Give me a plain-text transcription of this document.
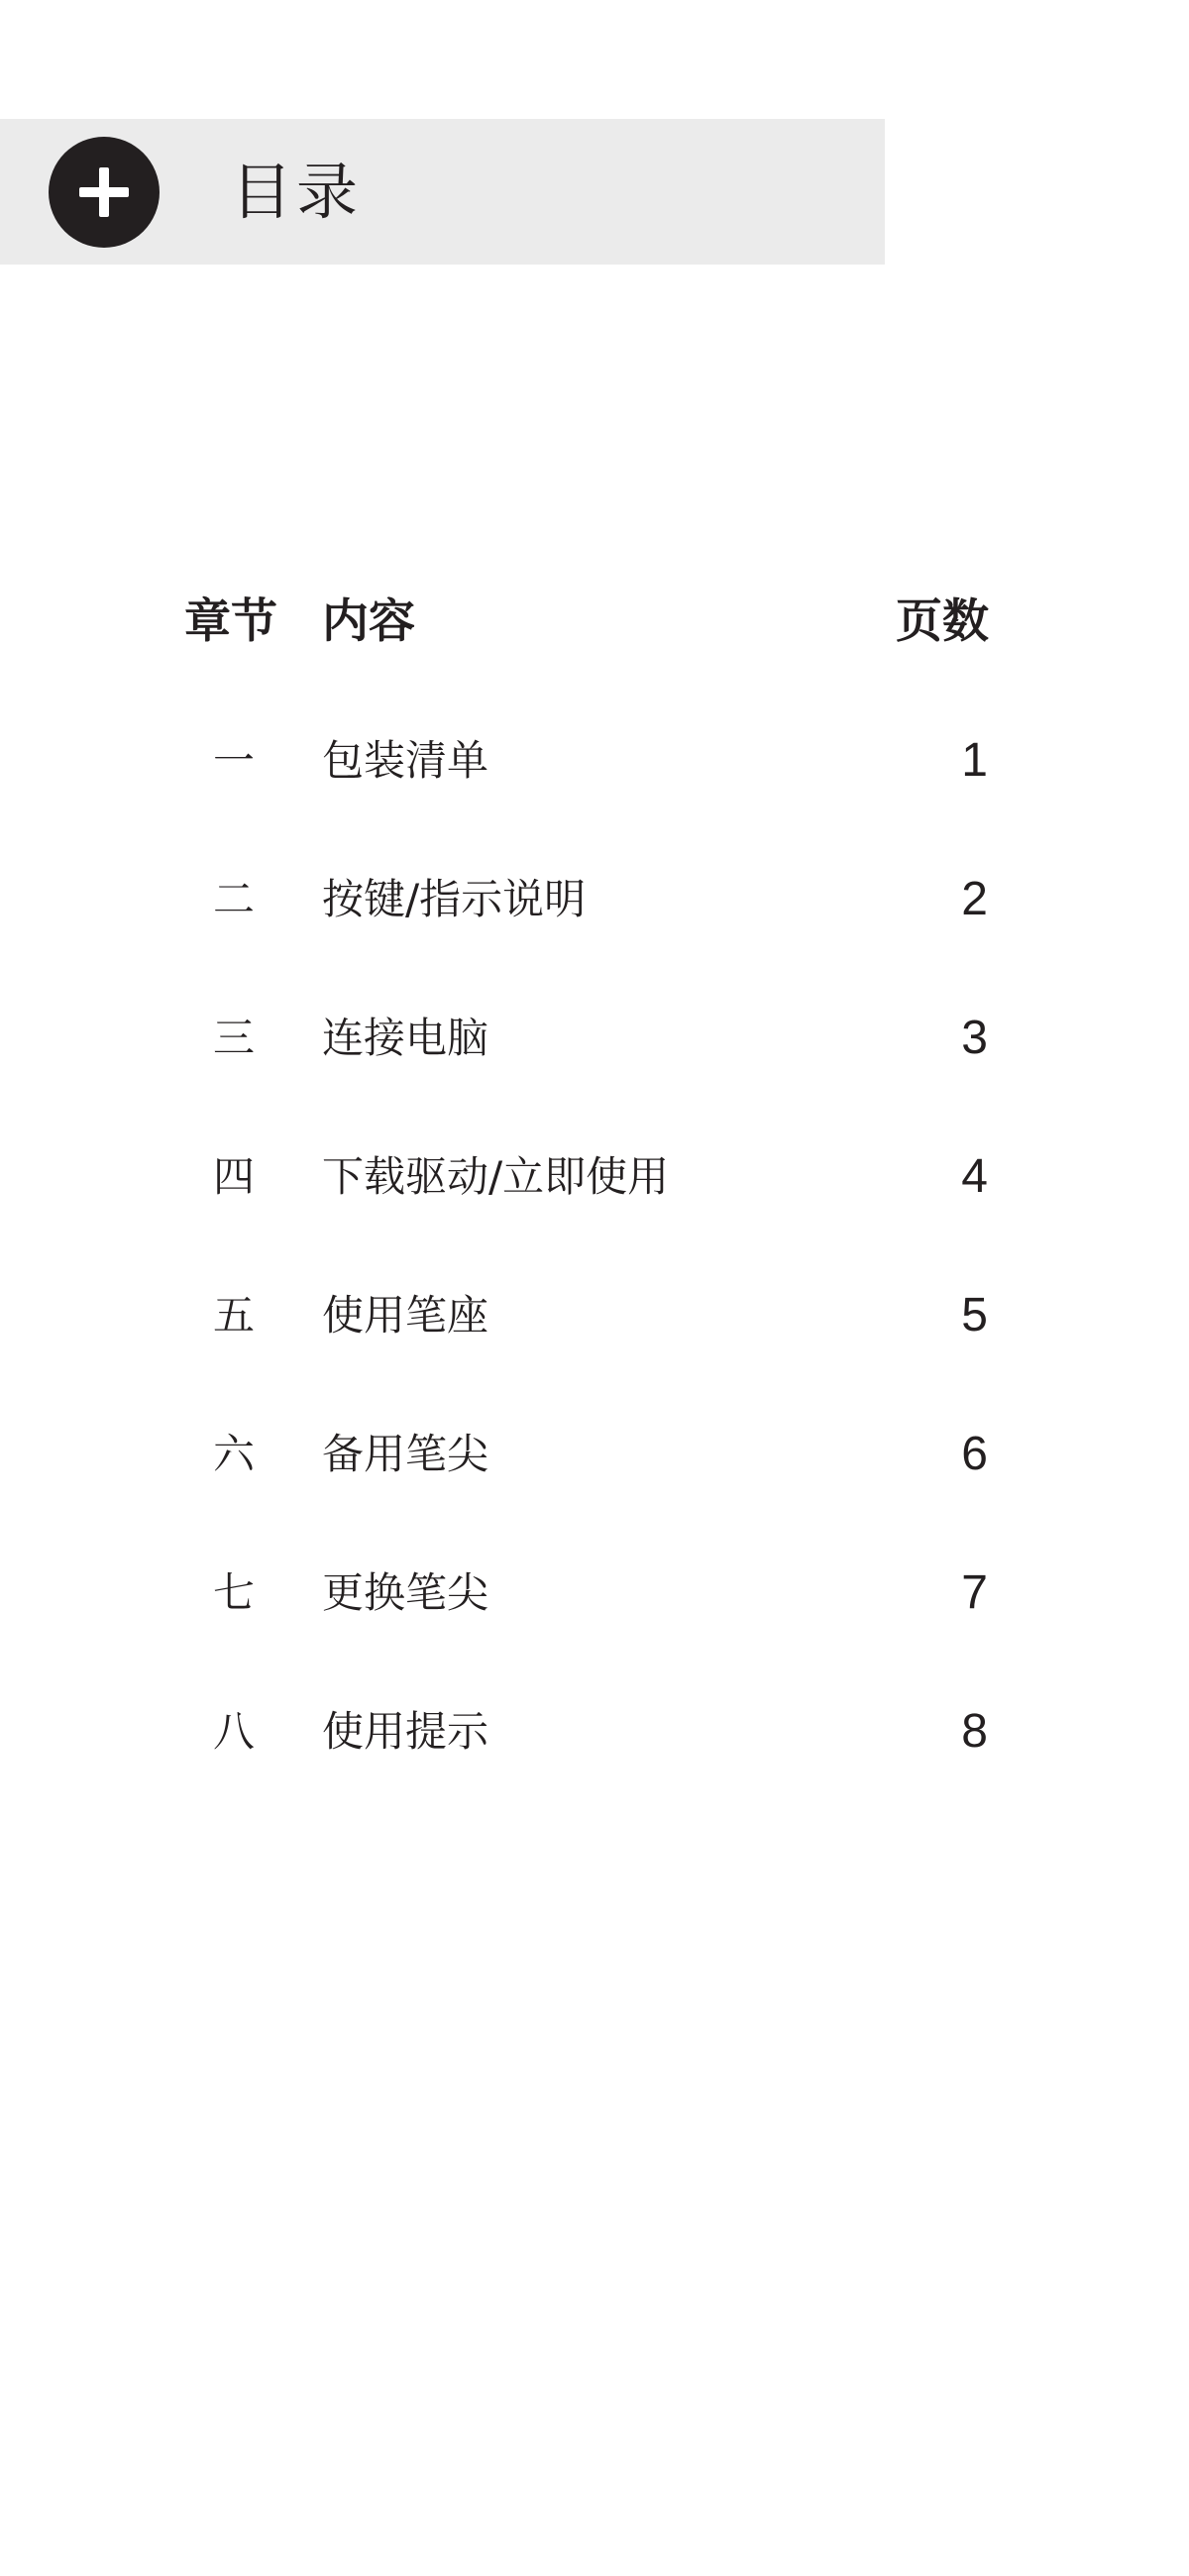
目录
章节 内容	页数
一	包装清单	1
二	按键/指示说明	2
三	连接电脑	3
四	下载驱动/立即使用	4
五	使用笔座	5
六	备用笔尖	6
七	更换笔尖	7
八	使用提示	8
